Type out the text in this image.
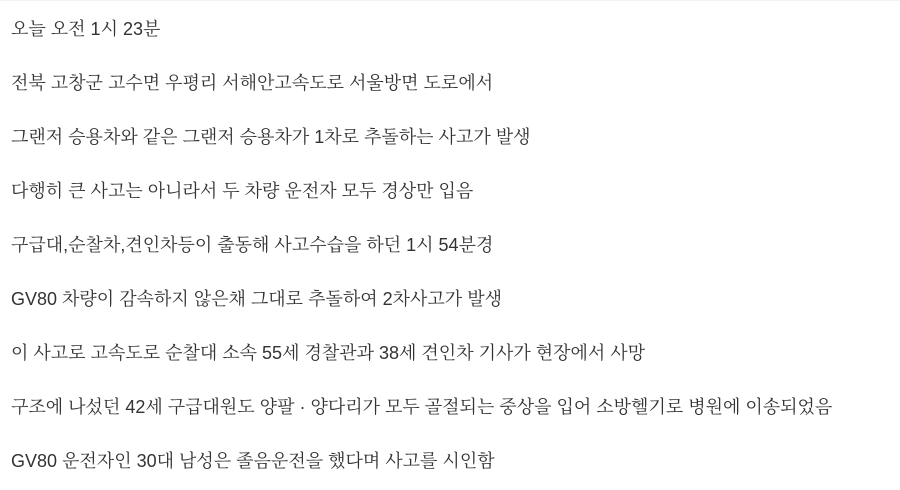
오늘 오전 1시 23분

전북 고창군 고수면 우평리 서해안고속도로 서울방면 도로에서

그랜저 승용차와 같은 그랜저 승용차가 1차로 추돌하는 사고가 발생

다행히 큰 사고는 아니라서 두 차량 운전자 모두 경상만 입음

구급대,순찰차,견인차등이 출동해 사고수습을 하던 1시 54분경

GV80 차량이 감속하지 않은채 그대로 추돌하여 2차사고가 발생

이 사고로 고속도로 순찰대 소속 55세 경찰관과 38세 견인차 기사가 현장에서 사망

구조에 나섰던 42세 구급대원도 양팔 · 양다리가 모두 골절되는 중상을 입어 소방헬기로 병원에 이송되었음

GV80 운전자인 30대 남성은 졸음운전을 했다며 사고를 시인함
